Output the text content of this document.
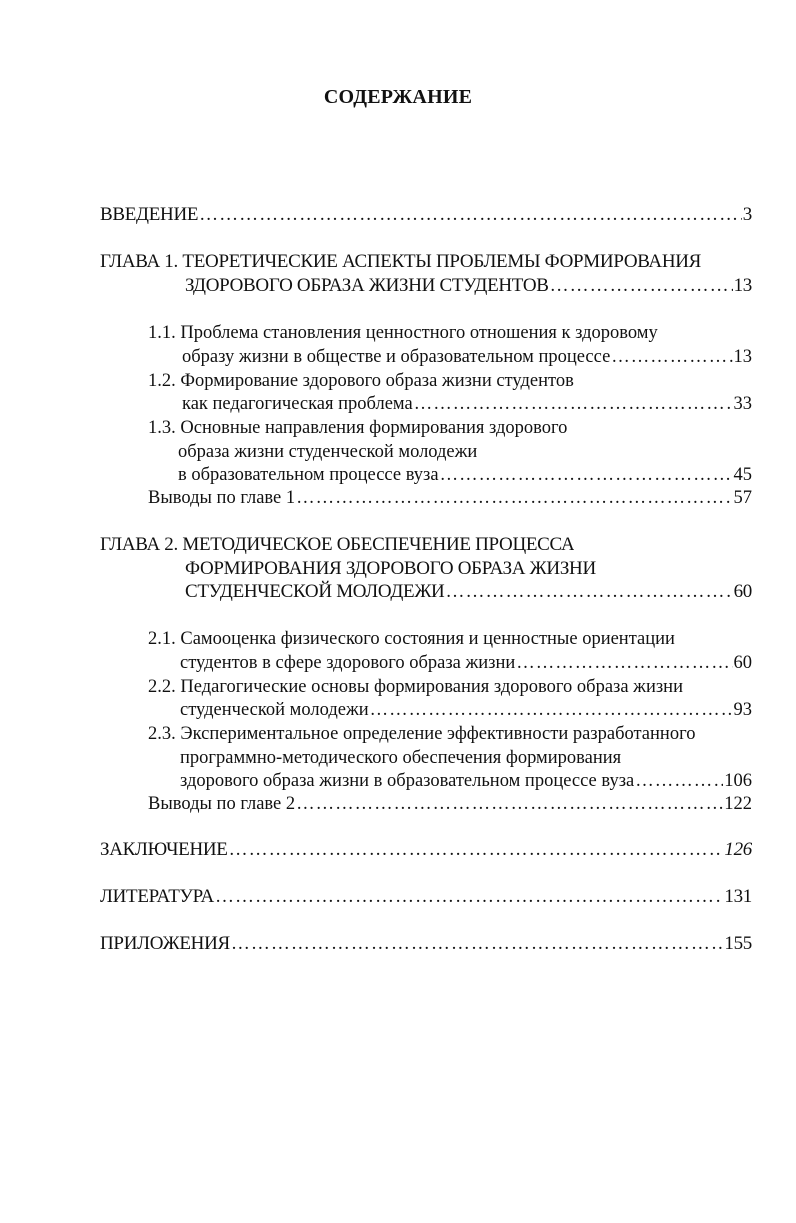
СОДЕРЖАНИЕ
ВВЕДЕНИЕ ……………………………………………………………………………………………………………………………………………………………………………………………………………………………………	3
ГЛАВА 1. ТЕОРЕТИЧЕСКИЕ АСПЕКТЫ ПРОБЛЕМЫ ФОРМИРОВАНИЯ
ЗДОРОВОГО ОБРАЗА ЖИЗНИ СТУДЕНТОВ ……………………………………………………………………………………………………………………………………………………………………………………………………………………………………	13
1.1. Проблема становления ценностного отношения к здоровому
образу жизни в обществе и образовательном процессе ……………………………………………………………………………………………………………………………………………………………………………………………………………………………………	13
1.2. Формирование здорового образа жизни студентов
как педагогическая проблема ……………………………………………………………………………………………………………………………………………………………………………………………………………………………………	33
1.3. Основные направления формирования здорового
образа жизни студенческой молодежи
в образовательном процессе вуза ……………………………………………………………………………………………………………………………………………………………………………………………………………………………………	45
Выводы по главе 1 ……………………………………………………………………………………………………………………………………………………………………………………………………………………………………	57
ГЛАВА 2. МЕТОДИЧЕСКОЕ ОБЕСПЕЧЕНИЕ ПРОЦЕССА
ФОРМИРОВАНИЯ ЗДОРОВОГО ОБРАЗА ЖИЗНИ
СТУДЕНЧЕСКОЙ МОЛОДЕЖИ ……………………………………………………………………………………………………………………………………………………………………………………………………………………………………	60
2.1. Самооценка физического состояния и ценностные ориентации
студентов в сфере здорового образа жизни ……………………………………………………………………………………………………………………………………………………………………………………………………………………………………	60
2.2. Педагогические основы формирования здорового образа жизни
студенческой молодежи ……………………………………………………………………………………………………………………………………………………………………………………………………………………………………	93
2.3. Экспериментальное определение эффективности разработанного
программно-методического обеспечения формирования
здорового образа жизни в образовательном процессе вуза ……………………………………………………………………………………………………………………………………………………………………………………………………………………………………	106
Выводы по главе 2 ……………………………………………………………………………………………………………………………………………………………………………………………………………………………………	122
ЗАКЛЮЧЕНИЕ ……………………………………………………………………………………………………………………………………………………………………………………………………………………………………	126
ЛИТЕРАТУРА ……………………………………………………………………………………………………………………………………………………………………………………………………………………………………	131
ПРИЛОЖЕНИЯ ……………………………………………………………………………………………………………………………………………………………………………………………………………………………………	155
